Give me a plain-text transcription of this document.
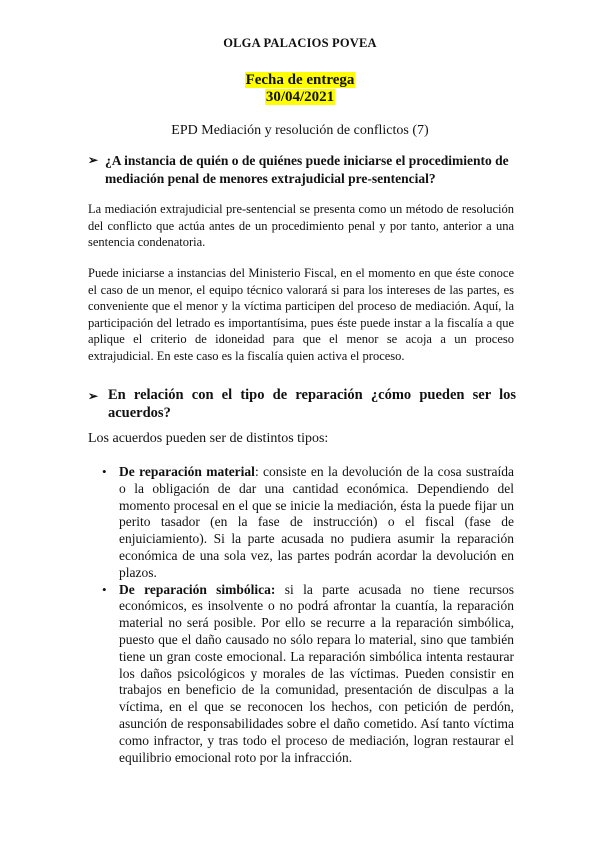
OLGA PALACIOS POVEA
Fecha de entrega
30/04/2021
EPD Mediación y resolución de conflictos (7)
➢ ¿A instancia de quién o de quiénes puede iniciarse el procedimiento de mediación penal de menores extrajudicial pre-sentencial?
La mediación extrajudicial pre-sentencial se presenta como un método de resolución del conflicto que actúa antes de un procedimiento penal y por tanto, anterior a una sentencia condenatoria.
Puede iniciarse a instancias del Ministerio Fiscal, en el momento en que éste conoce el caso de un menor, el equipo técnico valorará si para los intereses de las partes, es conveniente que el menor y la víctima participen del proceso de mediación. Aquí, la participación del letrado es importantísima, pues éste puede instar a la fiscalía a que aplique el criterio de idoneidad para que el menor se acoja a un proceso extrajudicial. En este caso es la fiscalía quien activa el proceso.
➢ En relación con el tipo de reparación ¿cómo pueden ser los acuerdos?
Los acuerdos pueden ser de distintos tipos:
• De reparación material: consiste en la devolución de la cosa sustraída o la obligación de dar una cantidad económica. Dependiendo del momento procesal en el que se inicie la mediación, ésta la puede fijar un perito tasador (en la fase de instrucción) o el fiscal (fase de enjuiciamiento). Si la parte acusada no pudiera asumir la reparación económica de una sola vez, las partes podrán acordar la devolución en plazos.
• De reparación simbólica: si la parte acusada no tiene recursos económicos, es insolvente o no podrá afrontar la cuantía, la reparación material no será posible. Por ello se recurre a la reparación simbólica, puesto que el daño causado no sólo repara lo material, sino que también tiene un gran coste emocional. La reparación simbólica intenta restaurar los daños psicológicos y morales de las víctimas. Pueden consistir en trabajos en beneficio de la comunidad, presentación de disculpas a la víctima, en el que se reconocen los hechos, con petición de perdón, asunción de responsabilidades sobre el daño cometido. Así tanto víctima como infractor, y tras todo el proceso de mediación, logran restaurar el equilibrio emocional roto por la infracción.
